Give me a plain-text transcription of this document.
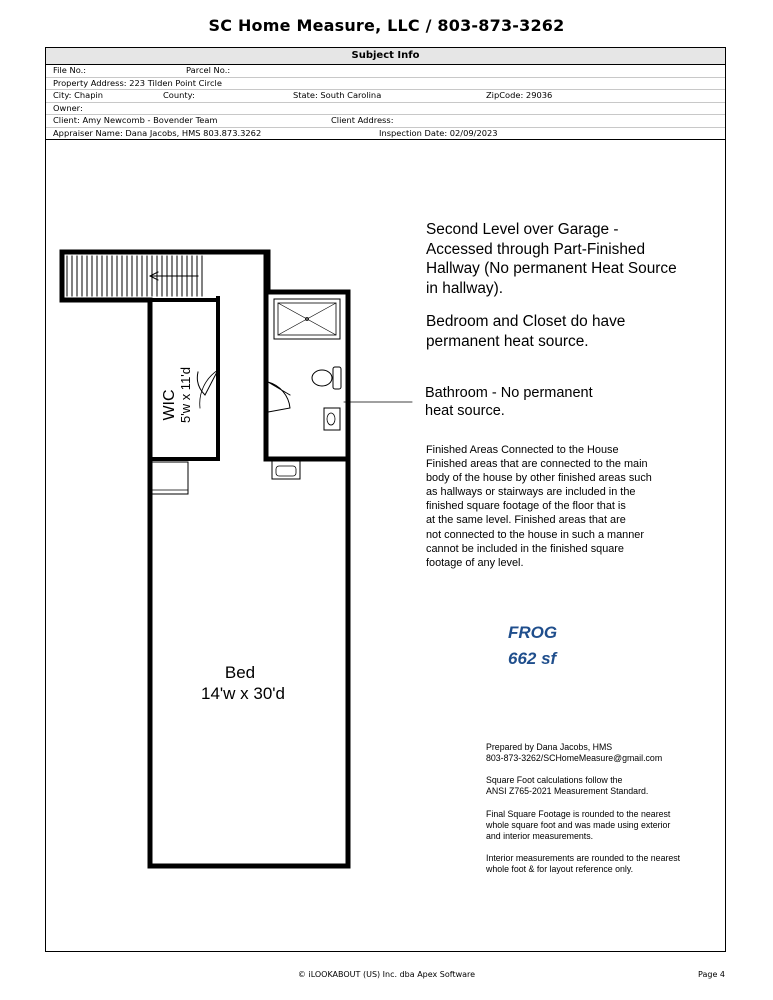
SC Home Measure, LLC / 803-873-3262
Subject Info
File No.:	Parcel No.:
Property Address: 223 Tilden Point Circle
City: Chapin	County:	State: South Carolina	ZipCode: 29036
Owner:
Client: Amy Newcomb - Bovender Team	Client Address:
Appraiser Name: Dana Jacobs, HMS 803.873.3262	Inspection Date: 02/09/2023
WIC 5'w x 11'd
Bed
14'w x 30'd
Second Level over Garage -
Accessed through Part-Finished
Hallway (No permanent Heat Source
in hallway).
Bedroom and Closet do have
permanent heat source.
Bathroom - No permanent
heat source.
Finished Areas Connected to the House
Finished areas that are connected to the main
body of the house by other finished areas such
as hallways or stairways are included in the
finished square footage of the floor that is
at the same level. Finished areas that are
not connected to the house in such a manner
cannot be included in the finished square
footage of any level.
FROG
662 sf
Prepared by Dana Jacobs, HMS
803-873-3262/SCHomeMeasure@gmail.com

Square Foot calculations follow the
ANSI Z765-2021 Measurement Standard.

Final Square Footage is rounded to the nearest
whole square foot and was made using exterior
and interior measurements.

Interior measurements are rounded to the nearest
whole foot & for layout reference only.
© iLOOKABOUT (US) Inc. dba Apex Software	Page 4
